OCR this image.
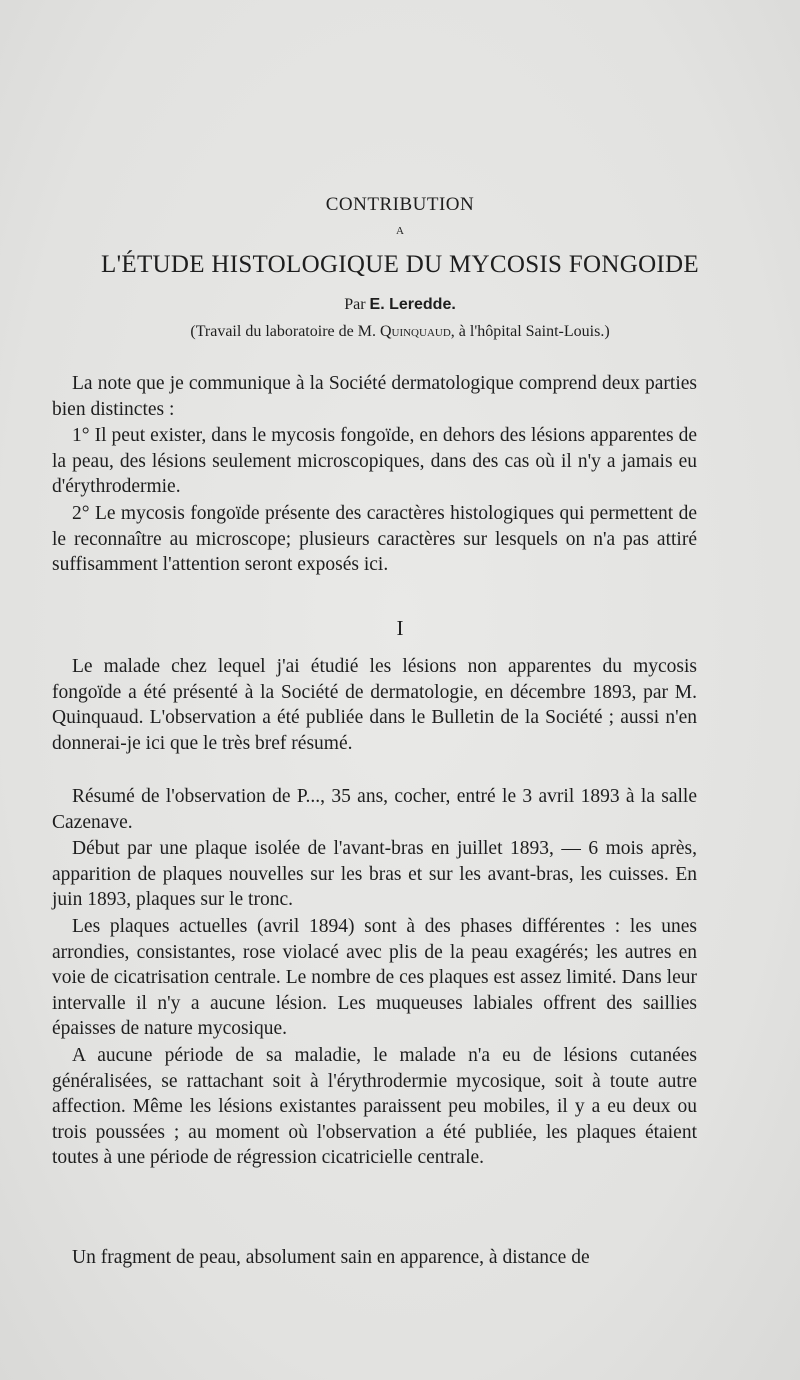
CONTRIBUTION
A
L'ÉTUDE HISTOLOGIQUE DU MYCOSIS FONGOIDE
Par E. Leredde.
(Travail du laboratoire de M. Quinquaud, à l'hôpital Saint-Louis.)

La note que je communique à la Société dermatologique comprend deux parties bien distinctes :

1° Il peut exister, dans le mycosis fongoïde, en dehors des lésions apparentes de la peau, des lésions seulement microscopiques, dans des cas où il n'y a jamais eu d'érythrodermie.

2° Le mycosis fongoïde présente des caractères histologiques qui permettent de le reconnaître au microscope; plusieurs caractères sur lesquels on n'a pas attiré suffisamment l'attention seront exposés ici.

I

Le malade chez lequel j'ai étudié les lésions non apparentes du mycosis fongoïde a été présenté à la Société de dermatologie, en décembre 1893, par M. Quinquaud. L'observation a été publiée dans le Bulletin de la Société ; aussi n'en donnerai-je ici que le très bref résumé.

Résumé de l'observation de P..., 35 ans, cocher, entré le 3 avril 1893 à la salle Cazenave.

Début par une plaque isolée de l'avant-bras en juillet 1893, — 6 mois après, apparition de plaques nouvelles sur les bras et sur les avant-bras, les cuisses. En juin 1893, plaques sur le tronc.

Les plaques actuelles (avril 1894) sont à des phases différentes : les unes arrondies, consistantes, rose violacé avec plis de la peau exagérés; les autres en voie de cicatrisation centrale. Le nombre de ces plaques est assez limité. Dans leur intervalle il n'y a aucune lésion. Les muqueuses labiales offrent des saillies épaisses de nature mycosique.

A aucune période de sa maladie, le malade n'a eu de lésions cutanées généralisées, se rattachant soit à l'érythrodermie mycosique, soit à toute autre affection. Même les lésions existantes paraissent peu mobiles, il y a eu deux ou trois poussées ; au moment où l'observation a été publiée, les plaques étaient toutes à une période de régression cicatricielle centrale.

Un fragment de peau, absolument sain en apparence, à distance de
